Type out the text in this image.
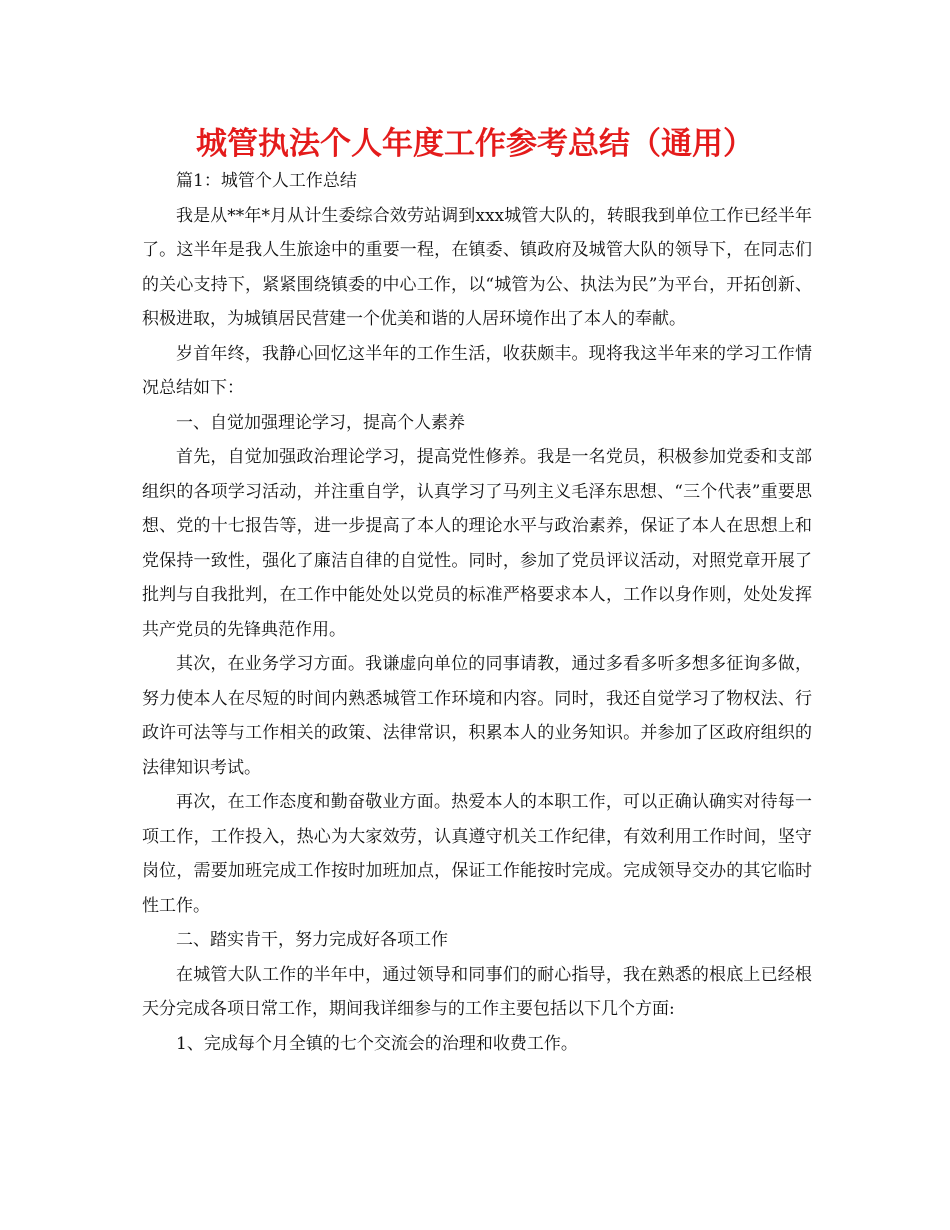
城管执法个人年度工作参考总结（通用）

篇1：城管个人工作总结

我是从**年*月从计生委综合效劳站调到xxx城管大队的，转眼我到单位工作已经半年了。这半年是我人生旅途中的重要一程，在镇委、镇政府及城管大队的领导下，在同志们的关心支持下，紧紧围绕镇委的中心工作，以“城管为公、执法为民”为平台，开拓创新、积极进取，为城镇居民营建一个优美和谐的人居环境作出了本人的奉献。

岁首年终，我静心回忆这半年的工作生活，收获颇丰。现将我这半年来的学习工作情况总结如下：

一、自觉加强理论学习，提高个人素养

首先，自觉加强政治理论学习，提高党性修养。我是一名党员，积极参加党委和支部组织的各项学习活动，并注重自学，认真学习了马列主义毛泽东思想、“三个代表”重要思想、党的十七报告等，进一步提高了本人的理论水平与政治素养，保证了本人在思想上和党保持一致性，强化了廉洁自律的自觉性。同时，参加了党员评议活动，对照党章开展了批判与自我批判，在工作中能处处以党员的标准严格要求本人，工作以身作则，处处发挥共产党员的先锋典范作用。

其次，在业务学习方面。我谦虚向单位的同事请教，通过多看多听多想多征询多做，努力使本人在尽短的时间内熟悉城管工作环境和内容。同时，我还自觉学习了物权法、行政许可法等与工作相关的政策、法律常识，积累本人的业务知识。并参加了区政府组织的法律知识考试。

再次，在工作态度和勤奋敬业方面。热爱本人的本职工作，可以正确认确实对待每一项工作，工作投入，热心为大家效劳，认真遵守机关工作纪律，有效利用工作时间，坚守岗位，需要加班完成工作按时加班加点，保证工作能按时完成。完成领导交办的其它临时性工作。

二、踏实肯干，努力完成好各项工作

在城管大队工作的半年中，通过领导和同事们的耐心指导，我在熟悉的根底上已经根天分完成各项日常工作，期间我详细参与的工作主要包括以下几个方面:

1、完成每个月全镇的七个交流会的治理和收费工作。
